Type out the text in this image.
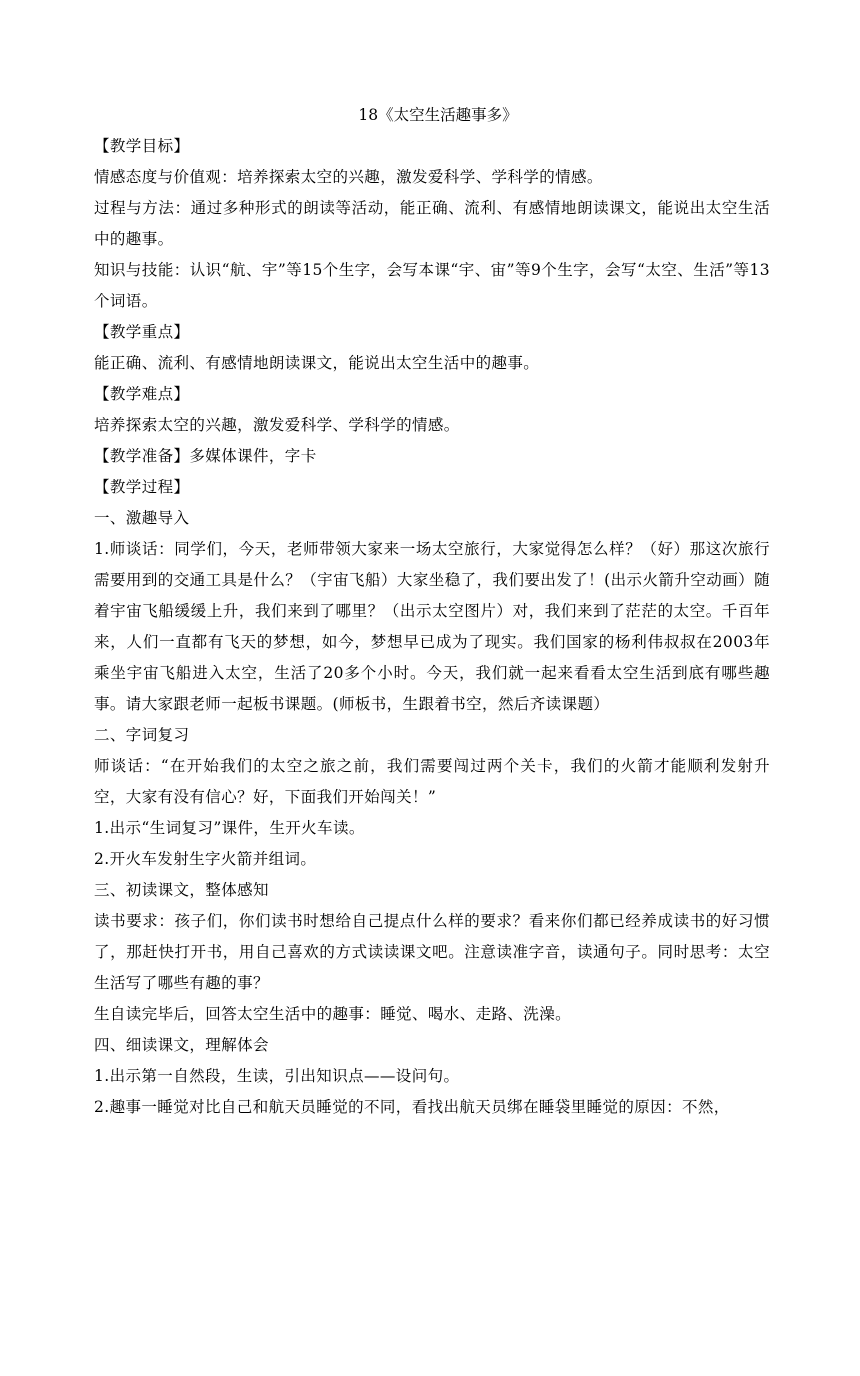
18《太空生活趣事多》

【教学目标】

情感态度与价值观：培养探索太空的兴趣，激发爱科学、学科学的情感。

过程与方法：通过多种形式的朗读等活动，能正确、流利、有感情地朗读课文，能说出太空生活中的趣事。

知识与技能：认识“航、宇”等15个生字，会写本课“宇、宙”等9个生字，会写“太空、生活”等13个词语。

【教学重点】

能正确、流利、有感情地朗读课文，能说出太空生活中的趣事。

【教学难点】

培养探索太空的兴趣，激发爱科学、学科学的情感。

【教学准备】多媒体课件，字卡

【教学过程】

一、激趣导入

1.师谈话：同学们，今天，老师带领大家来一场太空旅行，大家觉得怎么样？（好）那这次旅行需要用到的交通工具是什么？（宇宙飞船）大家坐稳了，我们要出发了！(出示火箭升空动画）随着宇宙飞船缓缓上升，我们来到了哪里？（出示太空图片）对，我们来到了茫茫的太空。千百年来，人们一直都有飞天的梦想，如今，梦想早已成为了现实。我们国家的杨利伟叔叔在2003年乘坐宇宙飞船进入太空，生活了20多个小时。今天，我们就一起来看看太空生活到底有哪些趣事。请大家跟老师一起板书课题。(师板书，生跟着书空，然后齐读课题）

二、字词复习

师谈话：“在开始我们的太空之旅之前，我们需要闯过两个关卡，我们的火箭才能顺利发射升空，大家有没有信心？好，下面我们开始闯关！”

1.出示“生词复习”课件，生开火车读。

2.开火车发射生字火箭并组词。

三、初读课文，整体感知

读书要求：孩子们，你们读书时想给自己提点什么样的要求？看来你们都已经养成读书的好习惯了，那赶快打开书，用自己喜欢的方式读读课文吧。注意读准字音，读通句子。同时思考：太空生活写了哪些有趣的事？

生自读完毕后，回答太空生活中的趣事：睡觉、喝水、走路、洗澡。

四、细读课文，理解体会

1.出示第一自然段，生读，引出知识点——设问句。

2.趣事一睡觉对比自己和航天员睡觉的不同，看找出航天员绑在睡袋里睡觉的原因：不然，
